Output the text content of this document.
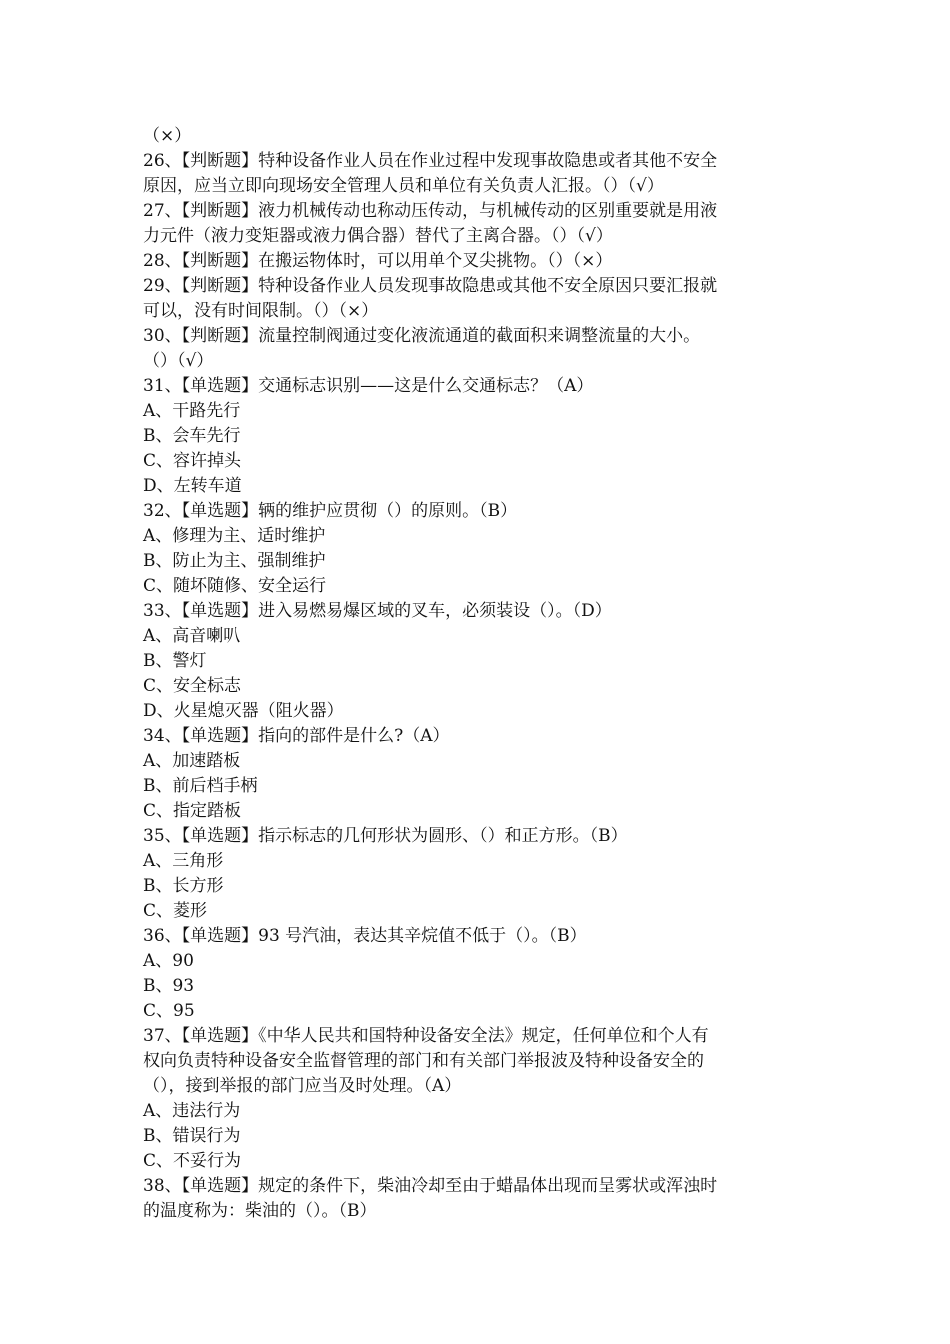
（×）
26、【判断题】特种设备作业人员在作业过程中发现事故隐患或者其他不安全
原因，应当立即向现场安全管理人员和单位有关负责人汇报。（）（√）
27、【判断题】液力机械传动也称动压传动，与机械传动的区别重要就是用液
力元件（液力变矩器或液力偶合器）替代了主离合器。（）（√）
28、【判断题】在搬运物体时，可以用单个叉尖挑物。（）（×）
29、【判断题】特种设备作业人员发现事故隐患或其他不安全原因只要汇报就
可以，没有时间限制。（）（×）
30、【判断题】流量控制阀通过变化液流通道的截面积来调整流量的大小。
（）（√）
31、【单选题】交通标志识别——这是什么交通标志？（A）
A、干路先行
B、会车先行
C、容许掉头
D、左转车道
32、【单选题】辆的维护应贯彻（）的原则。（B）
A、修理为主、适时维护
B、防止为主、强制维护
C、随坏随修、安全运行
33、【单选题】进入易燃易爆区域的叉车，必须装设（）。（D）
A、高音喇叭
B、警灯
C、安全标志
D、火星熄灭器（阻火器）
34、【单选题】指向的部件是什么?（A）
A、加速踏板
B、前后档手柄
C、指定踏板
35、【单选题】指示标志的几何形状为圆形、（）和正方形。（B）
A、三角形
B、长方形
C、菱形
36、【单选题】93 号汽油，表达其辛烷值不低于（）。（B）
A、90
B、93
C、95
37、【单选题】《中华人民共和国特种设备安全法》规定，任何单位和个人有
权向负责特种设备安全监督管理的部门和有关部门举报波及特种设备安全的
（），接到举报的部门应当及时处理。（A）
A、违法行为
B、错误行为
C、不妥行为
38、【单选题】规定的条件下，柴油冷却至由于蜡晶体出现而呈雾状或浑浊时
的温度称为：柴油的（）。（B）
